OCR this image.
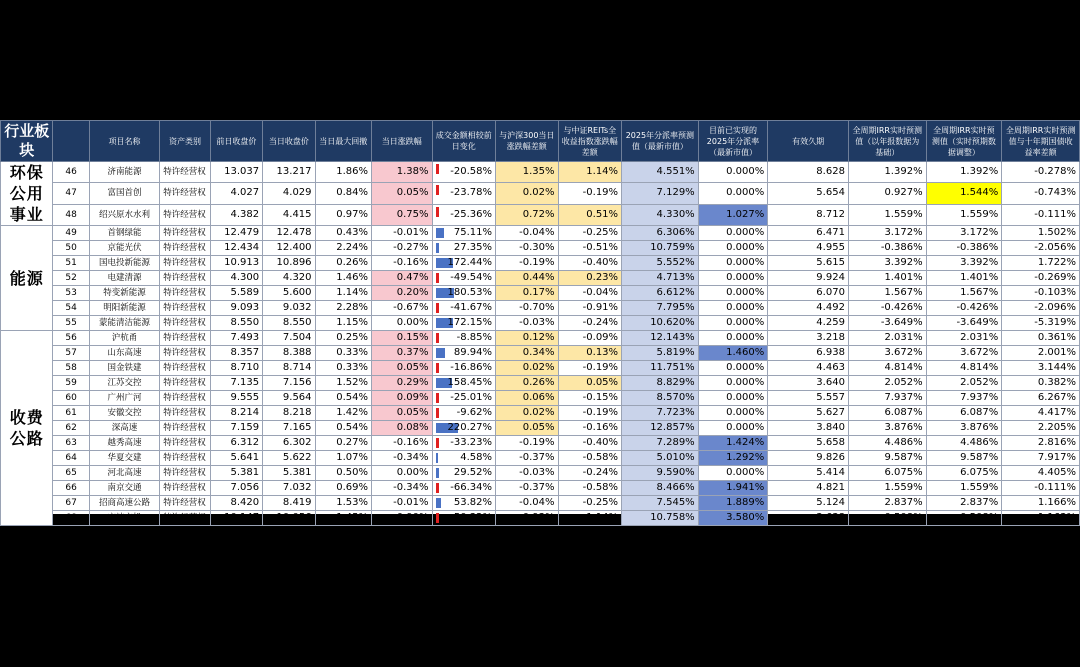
行业板块		项目名称	资产类别	前日收盘价	当日收盘价	当日最大回撤	当日涨跌幅	成交金额相较前日变化	与沪深300当日涨跌幅差额	与中证REITs全收益指数涨跌幅差额	2025年分派率预测值（最新市值）	目前已实现的2025年分派率（最新市值）	有效久期	全周期IRR实时预测值（以年报数据为基础）	全周期IRR实时预测值（实时预期数据调整）	全周期IRR实时预测值与十年期国债收益率差额
环保公用事业	46	济南能源	特许经营权	13.037	13.217	1.86%	1.38%	-20.58%	1.35%	1.14%	4.551%	0.000%	8.628	1.392%	1.392%	-0.278%
	47	富国首创	特许经营权	4.027	4.029	0.84%	0.05%	-23.78%	0.02%	-0.19%	7.129%	0.000%	5.654	0.927%	1.544%	-0.743%
	48	绍兴原水水利	特许经营权	4.382	4.415	0.97%	0.75%	-25.36%	0.72%	0.51%	4.330%	1.027%	8.712	1.559%	1.559%	-0.111%
能源	49	首钢绿能	特许经营权	12.479	12.478	0.43%	-0.01%	75.11%	-0.04%	-0.25%	6.306%	0.000%	6.471	3.172%	3.172%	1.502%
	50	京能光伏	特许经营权	12.434	12.400	2.24%	-0.27%	27.35%	-0.30%	-0.51%	10.759%	0.000%	4.955	-0.386%	-0.386%	-2.056%
	51	国电投新能源	特许经营权	10.913	10.896	0.26%	-0.16%	172.44%	-0.19%	-0.40%	5.552%	0.000%	5.615	3.392%	3.392%	1.722%
	52	电建清源	特许经营权	4.300	4.320	1.46%	0.47%	-49.54%	0.44%	0.23%	4.713%	0.000%	9.924	1.401%	1.401%	-0.269%
	53	特变新能源	特许经营权	5.589	5.600	1.14%	0.20%	180.53%	0.17%	-0.04%	6.612%	0.000%	6.070	1.567%	1.567%	-0.103%
	54	明阳新能源	特许经营权	9.093	9.032	2.28%	-0.67%	-41.67%	-0.70%	-0.91%	7.795%	0.000%	4.492	-0.426%	-0.426%	-2.096%
	55	蒙能清洁能源	特许经营权	8.550	8.550	1.15%	0.00%	172.15%	-0.03%	-0.24%	10.620%	0.000%	4.259	-3.649%	-3.649%	-5.319%
收费公路	56	沪杭甬	特许经营权	7.493	7.504	0.25%	0.15%	-8.85%	0.12%	-0.09%	12.143%	0.000%	3.218	2.031%	2.031%	0.361%
	57	山东高速	特许经营权	8.357	8.388	0.33%	0.37%	89.94%	0.34%	0.13%	5.819%	1.460%	6.938	3.672%	3.672%	2.001%
	58	国金铁建	特许经营权	8.710	8.714	0.33%	0.05%	-16.86%	0.02%	-0.19%	11.751%	0.000%	4.463	4.814%	4.814%	3.144%
	59	江苏交控	特许经营权	7.135	7.156	1.52%	0.29%	158.45%	0.26%	0.05%	8.829%	0.000%	3.640	2.052%	2.052%	0.382%
	60	广州广河	特许经营权	9.555	9.564	0.54%	0.09%	-25.01%	0.06%	-0.15%	8.570%	0.000%	5.557	7.937%	7.937%	6.267%
	61	安徽交控	特许经营权	8.214	8.218	1.42%	0.05%	-9.62%	0.02%	-0.19%	7.723%	0.000%	5.627	6.087%	6.087%	4.417%
	62	深高速	特许经营权	7.159	7.165	0.54%	0.08%	220.27%	0.05%	-0.16%	12.857%	0.000%	3.840	3.876%	3.876%	2.205%
	63	越秀高速	特许经营权	6.312	6.302	0.27%	-0.16%	-33.23%	-0.19%	-0.40%	7.289%	1.424%	5.658	4.486%	4.486%	2.816%
	64	华夏交建	特许经营权	5.641	5.622	1.07%	-0.34%	4.58%	-0.37%	-0.58%	5.010%	1.292%	9.826	9.587%	9.587%	7.917%
	65	河北高速	特许经营权	5.381	5.381	0.50%	0.00%	29.52%	-0.03%	-0.24%	9.590%	0.000%	5.414	6.075%	6.075%	4.405%
	66	南京交通	特许经营权	7.056	7.032	0.69%	-0.34%	-66.34%	-0.37%	-0.58%	8.466%	1.941%	4.821	1.559%	1.559%	-0.111%
	67	招商高速公路	特许经营权	8.420	8.419	1.53%	-0.01%	53.82%	-0.04%	-0.25%	7.545%	1.889%	5.124	2.837%	2.837%	1.166%
	68	宁波交投	特许经营权	10.147	10.056	1.45%	-0.90%	-50.32%	-0.93%	-1.14%	10.758%	3.580%	3.638	0.508%	0.508%	-1.163%
